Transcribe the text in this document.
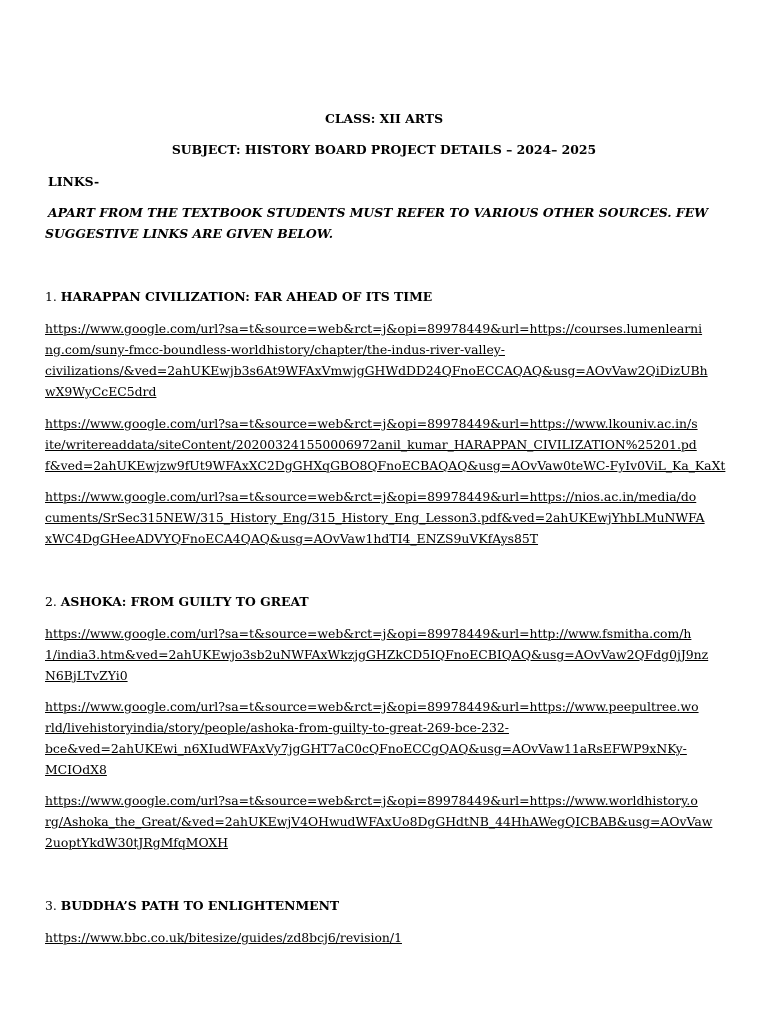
CLASS: XII ARTS
SUBJECT: HISTORY BOARD PROJECT DETAILS – 2024– 2025
LINKS-
APART FROM THE TEXTBOOK STUDENTS MUST REFER TO VARIOUS OTHER SOURCES. FEW
SUGGESTIVE LINKS ARE GIVEN BELOW.
1. HARAPPAN CIVILIZATION: FAR AHEAD OF ITS TIME
https://www.google.com/url?sa=t&source=web&rct=j&opi=89978449&url=https://courses.lumenlearni
ng.com/suny-fmcc-boundless-worldhistory/chapter/the-indus-river-valley-
civilizations/&ved=2ahUKEwjb3s6At9WFAxVmwjgGHWdDD24QFnoECCAQAQ&usg=AOvVaw2QiDizUBh
wX9WyCcEC5drd
https://www.google.com/url?sa=t&source=web&rct=j&opi=89978449&url=https://www.lkouniv.ac.in/s
ite/writereaddata/siteContent/202003241550006972anil_kumar_HARAPPAN_CIVILIZATION%25201.pd
f&ved=2ahUKEwjzw9fUt9WFAxXC2DgGHXqGBO8QFnoECBAQAQ&usg=AOvVaw0teWC-FyIv0ViL_Ka_KaXt
https://www.google.com/url?sa=t&source=web&rct=j&opi=89978449&url=https://nios.ac.in/media/do
cuments/SrSec315NEW/315_History_Eng/315_History_Eng_Lesson3.pdf&ved=2ahUKEwjYhbLMuNWFA
xWC4DgGHeeADVYQFnoECA4QAQ&usg=AOvVaw1hdTI4_ENZS9uVKfAys85T
2. ASHOKA: FROM GUILTY TO GREAT
https://www.google.com/url?sa=t&source=web&rct=j&opi=89978449&url=http://www.fsmitha.com/h
1/india3.htm&ved=2ahUKEwjo3sb2uNWFAxWkzjgGHZkCD5IQFnoECBIQAQ&usg=AOvVaw2QFdg0jJ9nz
N6BjLTvZYi0
https://www.google.com/url?sa=t&source=web&rct=j&opi=89978449&url=https://www.peepultree.wo
rld/livehistoryindia/story/people/ashoka-from-guilty-to-great-269-bce-232-
bce&ved=2ahUKEwi_n6XIudWFAxVy7jgGHT7aC0cQFnoECCgQAQ&usg=AOvVaw11aRsEFWP9xNKy-
MCIOdX8
https://www.google.com/url?sa=t&source=web&rct=j&opi=89978449&url=https://www.worldhistory.o
rg/Ashoka_the_Great/&ved=2ahUKEwjV4OHwudWFAxUo8DgGHdtNB_44HhAWegQICBAB&usg=AOvVaw
2uoptYkdW30tJRgMfqMOXH
3. BUDDHA’S PATH TO ENLIGHTENMENT
https://www.bbc.co.uk/bitesize/guides/zd8bcj6/revision/1
